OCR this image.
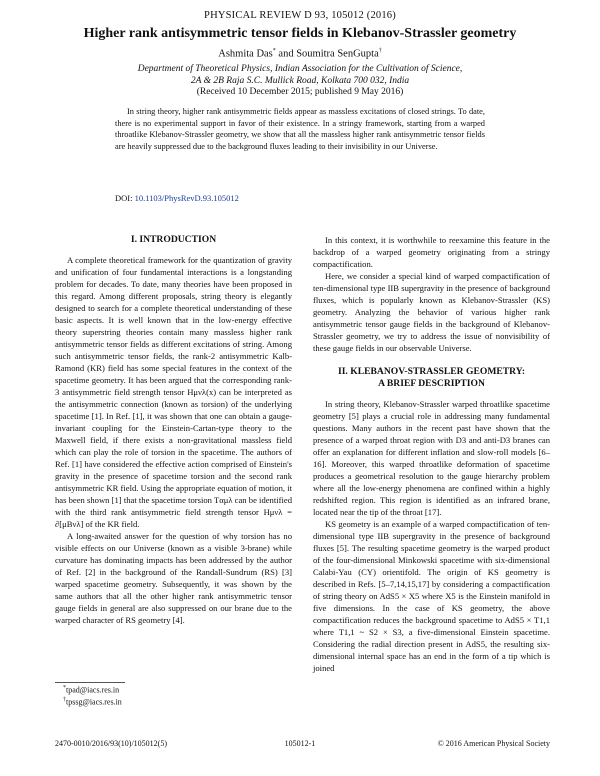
PHYSICAL REVIEW D 93, 105012 (2016)
Higher rank antisymmetric tensor fields in Klebanov-Strassler geometry
Ashmita Das* and Soumitra SenGupta†
Department of Theoretical Physics, Indian Association for the Cultivation of Science,
2A & 2B Raja S.C. Mullick Road, Kolkata 700 032, India
(Received 10 December 2015; published 9 May 2016)
In string theory, higher rank antisymmetric fields appear as massless excitations of closed strings. To date, there is no experimental support in favor of their existence. In a stringy framework, starting from a warped throatlike Klebanov-Strassler geometry, we show that all the massless higher rank antisymmetric tensor fields are heavily suppressed due to the background fluxes leading to their invisibility in our Universe.
DOI: 10.1103/PhysRevD.93.105012
I. INTRODUCTION

A complete theoretical framework for the quantization of gravity and unification of four fundamental interactions is a longstanding problem for decades. To date, many theories have been proposed in this regard. Among different proposals, string theory is elegantly designed to search for a complete theoretical understanding of these basic aspects. It is well known that in the low-energy effective theory superstring theories contain many massless higher rank antisymmetric tensor fields as different excitations of string. Among such antisymmetric tensor fields, the rank-2 antisymmetric Kalb-Ramond (KR) field has some special features in the context of the spacetime geometry. It has been argued that the corresponding rank-3 antisymmetric field strength tensor Hμνλ(x) can be interpreted as the antisymmetric connection (known as torsion) of the underlying spacetime [1]. In Ref. [1], it was shown that one can obtain a gauge-invariant coupling for the Einstein-Cartan-type theory to the Maxwell field, if there exists a non-gravitational massless field which can play the role of torsion in the spacetime. The authors of Ref. [1] have considered the effective action comprised of Einstein's gravity in the presence of spacetime torsion and the second rank antisymmetric KR field. Using the appropriate equation of motion, it has been shown [1] that the spacetime torsion Tαμλ can be identified with the third rank antisymmetric field strength tensor Hμνλ = ∂[μBνλ] of the KR field.

A long-awaited answer for the question of why torsion has no visible effects on our Universe (known as a visible 3-brane) while curvature has dominating impacts has been addressed by the author of Ref. [2] in the background of the Randall-Sundrum (RS) [3] warped spacetime geometry. Subsequently, it was shown by the same authors that all the other higher rank antisymmetric tensor gauge fields in general are also suppressed on our brane due to the warped character of RS geometry [4].

In this context, it is worthwhile to reexamine this feature in the backdrop of a warped geometry originating from a stringy compactification.

Here, we consider a special kind of warped compactification of ten-dimensional type IIB supergravity in the presence of background fluxes, which is popularly known as Klebanov-Strassler (KS) geometry. Analyzing the behavior of various higher rank antisymmetric tensor gauge fields in the background of Klebanov-Strassler geometry, we try to address the issue of nonvisibility of these gauge fields in our observable Universe.

II. KLEBANOV-STRASSLER GEOMETRY:
A BRIEF DESCRIPTION

In string theory, Klebanov-Strassler warped throatlike spacetime geometry [5] plays a crucial role in addressing many fundamental questions. Many authors in the recent past have shown that the presence of a warped throat region with D3 and anti-D3 branes can offer an explanation for different inflation and slow-roll models [6–16]. Moreover, this warped throatlike deformation of spacetime produces a geometrical resolution to the gauge hierarchy problem where all the low-energy phenomena are confined within a highly redshifted region. This region is identified as an infrared brane, located near the tip of the throat [17].

KS geometry is an example of a warped compactification of ten-dimensional type IIB supergravity in the presence of background fluxes [5]. The resulting spacetime geometry is the warped product of the four-dimensional Minkowski spacetime with six-dimensional Calabi-Yau (CY) orientifold. The origin of KS geometry is described in Refs. [5–7,14,15,17] by considering a compactification of string theory on AdS5 × X5 where X5 is the Einstein manifold in five dimensions. In the case of KS geometry, the above compactification reduces the background spacetime to AdS5 × T1,1 where T1,1 ~ S2 × S3, a five-dimensional Einstein spacetime. Considering the radial direction present in AdS5, the resulting six-dimensional internal space has an end in the form of a tip which is joined

*tpad@iacs.res.in
†tpssg@iacs.res.in
2470-0010/2016/93(10)/105012(5)	105012-1	© 2016 American Physical Society
